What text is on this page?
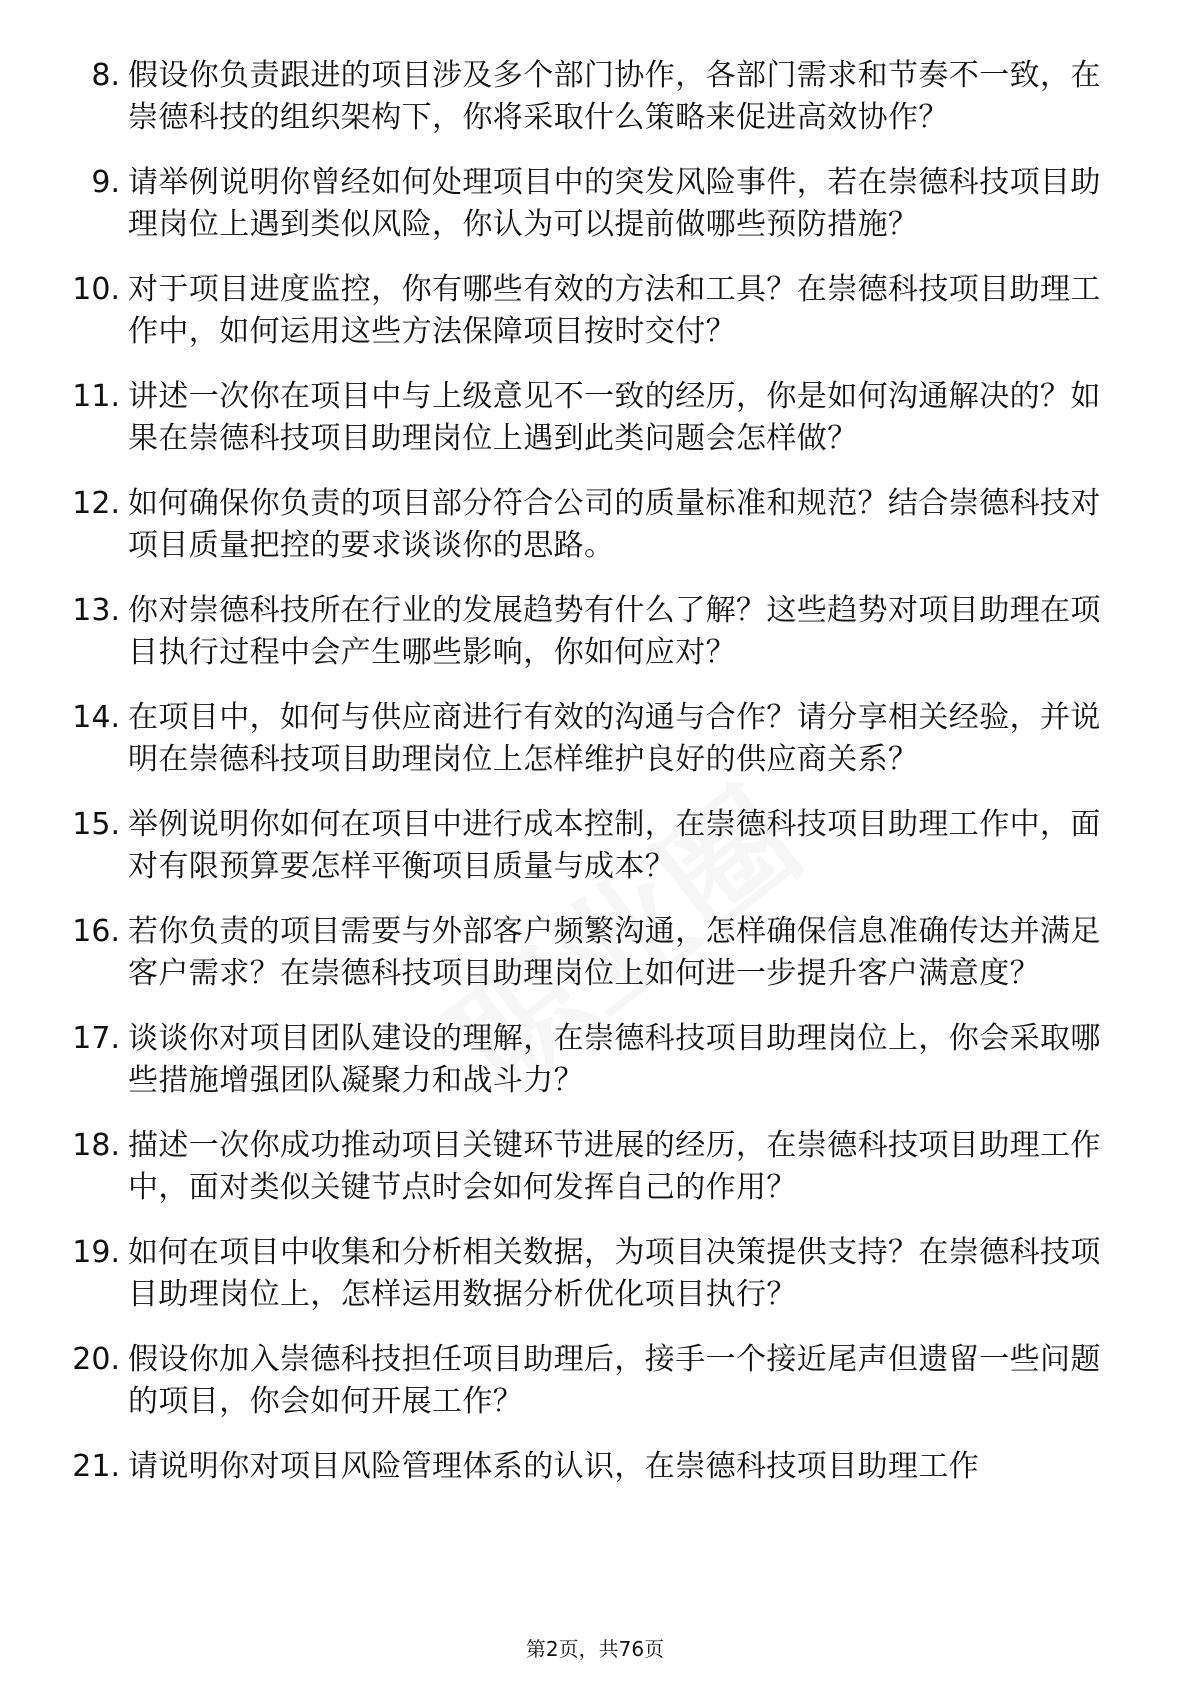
8. 假设你负责跟进的项目涉及多个部门协作，各部门需求和节奏不一致，在崇德科技的组织架构下，你将采取什么策略来促进高效协作？
9. 请举例说明你曾经如何处理项目中的突发风险事件，若在崇德科技项目助理岗位上遇到类似风险，你认为可以提前做哪些预防措施？
10. 对于项目进度监控，你有哪些有效的方法和工具？在崇德科技项目助理工作中，如何运用这些方法保障项目按时交付？
11. 讲述一次你在项目中与上级意见不一致的经历，你是如何沟通解决的？如果在崇德科技项目助理岗位上遇到此类问题会怎样做？
12. 如何确保你负责的项目部分符合公司的质量标准和规范？结合崇德科技对项目质量把控的要求谈谈你的思路。
13. 你对崇德科技所在行业的发展趋势有什么了解？这些趋势对项目助理在项目执行过程中会产生哪些影响，你如何应对？
14. 在项目中，如何与供应商进行有效的沟通与合作？请分享相关经验，并说明在崇德科技项目助理岗位上怎样维护良好的供应商关系？
15. 举例说明你如何在项目中进行成本控制，在崇德科技项目助理工作中，面对有限预算要怎样平衡项目质量与成本？
16. 若你负责的项目需要与外部客户频繁沟通，怎样确保信息准确传达并满足客户需求？在崇德科技项目助理岗位上如何进一步提升客户满意度？
17. 谈谈你对项目团队建设的理解，在崇德科技项目助理岗位上，你会采取哪些措施增强团队凝聚力和战斗力？
18. 描述一次你成功推动项目关键环节进展的经历，在崇德科技项目助理工作中，面对类似关键节点时会如何发挥自己的作用？
19. 如何在项目中收集和分析相关数据，为项目决策提供支持？在崇德科技项目助理岗位上，怎样运用数据分析优化项目执行？
20. 假设你加入崇德科技担任项目助理后，接手一个接近尾声但遗留一些问题的项目，你会如何开展工作？
21. 请说明你对项目风险管理体系的认识，在崇德科技项目助理工作
第2页，共76页
